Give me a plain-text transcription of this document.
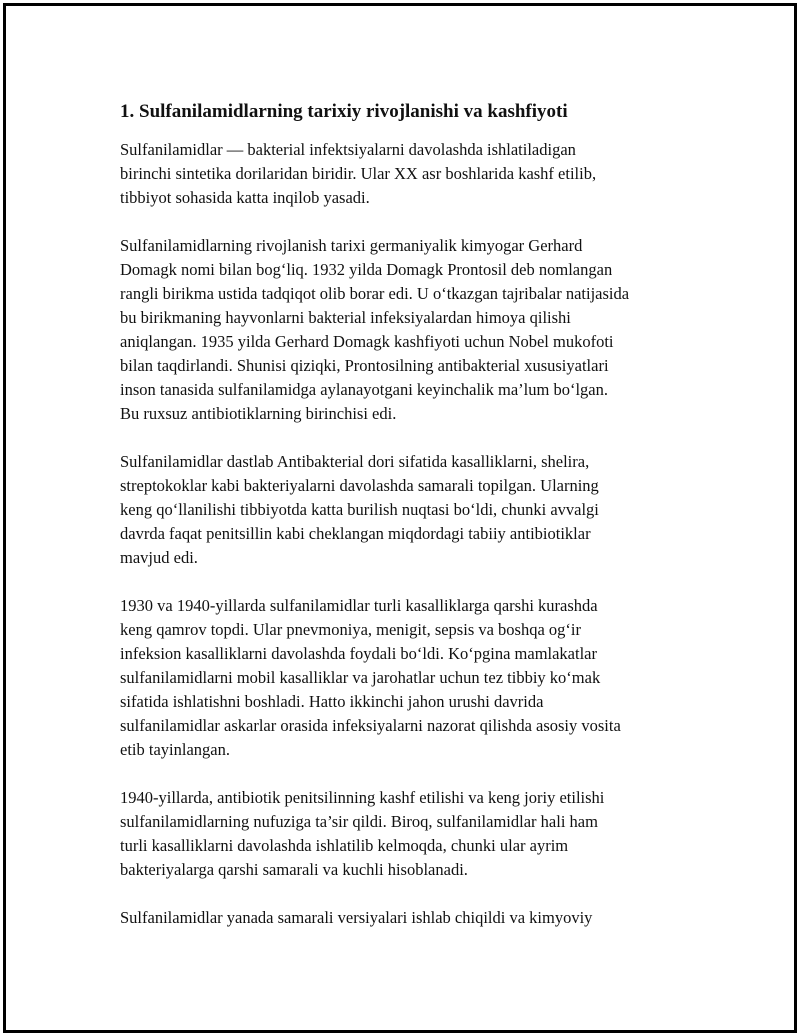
1. Sulfanilamidlarning tarixiy rivojlanishi va kashfiyoti

Sulfanilamidlar — bakterial infektsiyalarni davolashda ishlatiladigan
birinchi sintetika dorilaridan biridir. Ular XX asr boshlarida kashf etilib,
tibbiyot sohasida katta inqilob yasadi.

Sulfanilamidlarning rivojlanish tarixi germaniyalik kimyogar Gerhard
Domagk nomi bilan bog‘liq. 1932 yilda Domagk Prontosil deb nomlangan
rangli birikma ustida tadqiqot olib borar edi. U o‘tkazgan tajribalar natijasida
bu birikmaning hayvonlarni bakterial infeksiyalardan himoya qilishi
aniqlangan. 1935 yilda Gerhard Domagk kashfiyoti uchun Nobel mukofoti
bilan taqdirlandi. Shunisi qiziqki, Prontosilning antibakterial xususiyatlari
inson tanasida sulfanilamidga aylanayotgani keyinchalik ma’lum bo‘lgan.
Bu ruxsuz antibiotiklarning birinchisi edi.

Sulfanilamidlar dastlab Antibakterial dori sifatida kasalliklarni, shelira,
streptokoklar kabi bakteriyalarni davolashda samarali topilgan. Ularning
keng qo‘llanilishi tibbiyotda katta burilish nuqtasi bo‘ldi, chunki avvalgi
davrda faqat penitsillin kabi cheklangan miqdordagi tabiiy antibiotiklar
mavjud edi.

1930 va 1940-yillarda sulfanilamidlar turli kasalliklarga qarshi kurashda
keng qamrov topdi. Ular pnevmoniya, menigit, sepsis va boshqa og‘ir
infeksion kasalliklarni davolashda foydali bo‘ldi. Ko‘pgina mamlakatlar
sulfanilamidlarni mobil kasalliklar va jarohatlar uchun tez tibbiy ko‘mak
sifatida ishlatishni boshladi. Hatto ikkinchi jahon urushi davrida
sulfanilamidlar askarlar orasida infeksiyalarni nazorat qilishda asosiy vosita
etib tayinlangan.

1940-yillarda, antibiotik penitsilinning kashf etilishi va keng joriy etilishi
sulfanilamidlarning nufuziga ta’sir qildi. Biroq, sulfanilamidlar hali ham
turli kasalliklarni davolashda ishlatilib kelmoqda, chunki ular ayrim
bakteriyalarga qarshi samarali va kuchli hisoblanadi.

Sulfanilamidlar yanada samarali versiyalari ishlab chiqildi va kimyoviy
